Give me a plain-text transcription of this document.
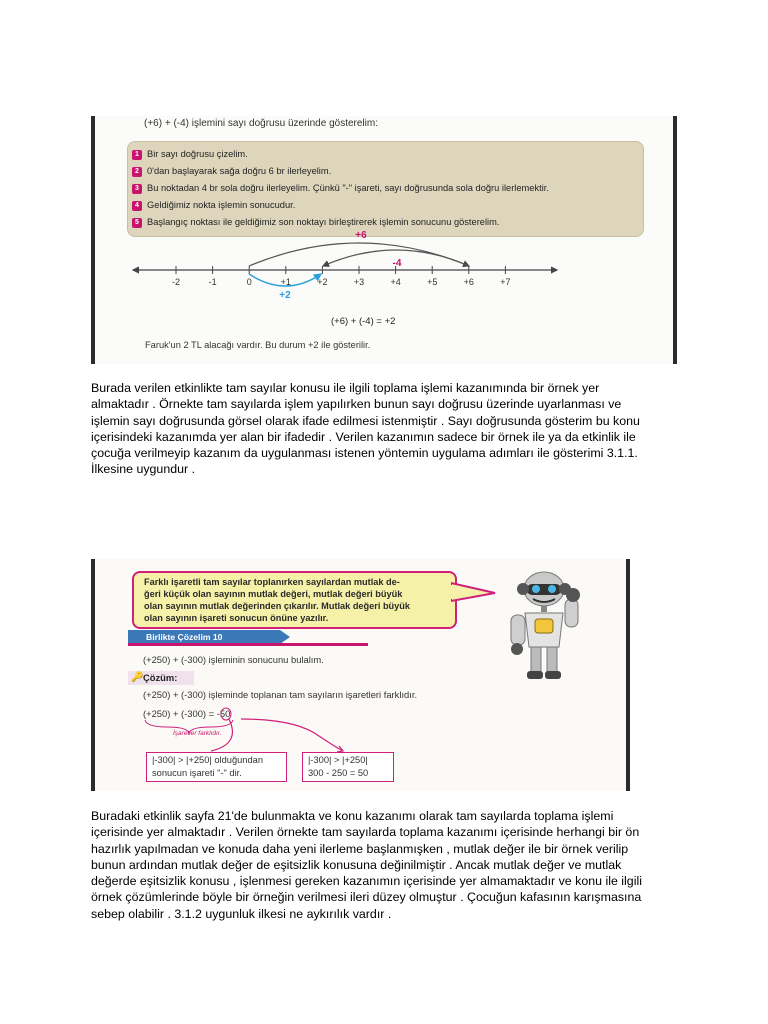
(+6) + (-4) işlemini sayı doğrusu üzerinde gösterelim:
1 Bir sayı doğrusu çizelim.
2 0'dan başlayarak sağa doğru 6 br ilerleyelim.
3 Bu noktadan 4 br sola doğru ilerleyelim. Çünkü "-" işareti, sayı doğrusunda sola doğru ilerlemektir.
4 Geldiğimiz nokta işlemin sonucudur.
5 Başlangıç noktası ile geldiğimiz son noktayı birleştirerek işlemin sonucunu gösterelim.
-2	-1	0	+1	+2	+3	+4	+5	+6	+7
+6
-4
+2
(+6) + (-4) = +2
Faruk'un 2 TL alacağı vardır. Bu durum +2 ile gösterilir.
Burada verilen etkinlikte tam sayılar konusu ile ilgili toplama işlemi kazanımında bir örnek yer
almaktadır . Örnekte tam sayılarda işlem yapılırken bunun sayı doğrusu üzerinde uyarlanması ve
işlemin sayı doğrusunda görsel olarak ifade edilmesi istenmiştir . Sayı doğrusunda gösterim bu konu
içerisindeki kazanımda yer alan bir ifadedir . Verilen kazanımın sadece bir örnek ile ya da etkinlik ile
çocuğa verilmeyip kazanım da uygulanması istenen yöntemin uygulama adımları ile gösterimi 3.1.1.
İlkesine uygundur .
Farklı işaretli tam sayılar toplanırken sayılardan mutlak de-
ğeri küçük olan sayının mutlak değeri, mutlak değeri büyük
olan sayının mutlak değerinden çıkarılır. Mutlak değeri büyük
olan sayının işareti sonucun önüne yazılır.
Birlikte Çözelim 10
(+250) + (-300) işleminin sonucunu bulalım.
🔑 Çözüm:
(+250) + (-300) işleminde toplanan tam sayıların işaretleri farklıdır.
(+250) + (-300) = -50
İşaretler farklıdır.
|-300| > |+250| olduğundan
sonucun işareti "-" dir.
|-300| > |+250|
300 - 250 = 50
Buradaki etkinlik sayfa 21'de bulunmakta ve konu kazanımı olarak tam sayılarda toplama işlemi
içerisinde yer almaktadır . Verilen örnekte tam sayılarda toplama kazanımı içerisinde herhangi bir ön
hazırlık yapılmadan ve konuda daha yeni ilerleme başlanmışken , mutlak değer ile bir örnek verilip
bunun ardından mutlak değer de eşitsizlik konusuna değinilmiştir . Ancak mutlak değer ve mutlak
değerde eşitsizlik konusu , işlenmesi gereken kazanımın içerisinde yer almamaktadır ve konu ile ilgili
örnek çözümlerinde böyle bir örneğin verilmesi ileri düzey olmuştur . Çocuğun kafasının karışmasına
sebep olabilir . 3.1.2 uygunluk ilkesi ne aykırılık vardır .
